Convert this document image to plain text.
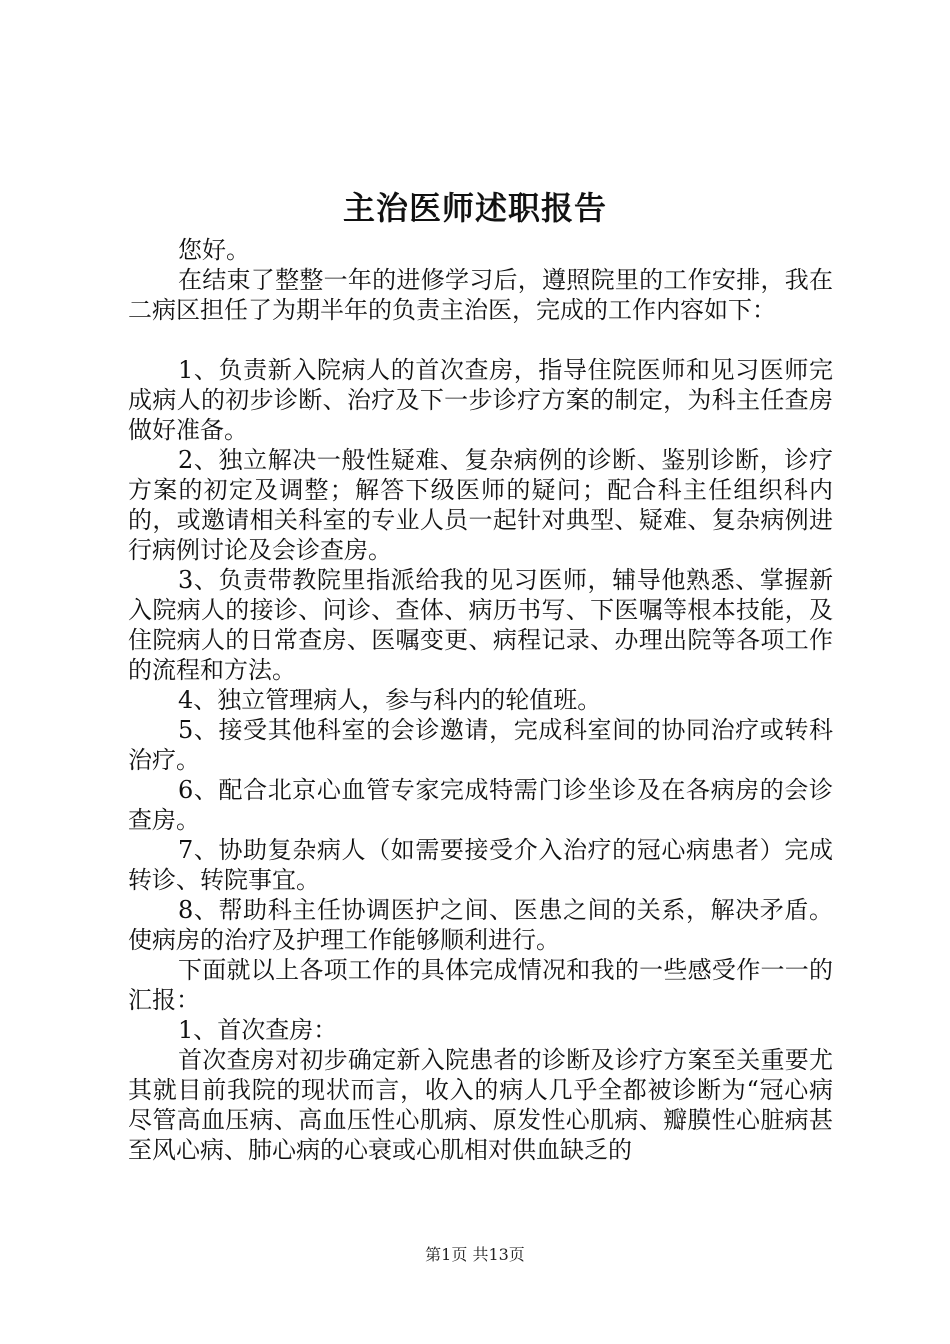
主治医师述职报告

您好。

在结束了整整一年的进修学习后，遵照院里的工作安排，我在二病区担任了为期半年的负责主治医，完成的工作内容如下：

1、负责新入院病人的首次查房，指导住院医师和见习医师完成病人的初步诊断、治疗及下一步诊疗方案的制定，为科主任查房做好准备。

2、独立解决一般性疑难、复杂病例的诊断、鉴别诊断，诊疗方案的初定及调整；解答下级医师的疑问；配合科主任组织科内的，或邀请相关科室的专业人员一起针对典型、疑难、复杂病例进行病例讨论及会诊查房。

3、负责带教院里指派给我的见习医师，辅导他熟悉、掌握新入院病人的接诊、问诊、查体、病历书写、下医嘱等根本技能，及住院病人的日常查房、医嘱变更、病程记录、办理出院等各项工作的流程和方法。

4、独立管理病人，参与科内的轮值班。

5、接受其他科室的会诊邀请，完成科室间的协同治疗或转科治疗。

6、配合北京心血管专家完成特需门诊坐诊及在各病房的会诊查房。

7、协助复杂病人（如需要接受介入治疗的冠心病患者）完成转诊、转院事宜。

8、帮助科主任协调医护之间、医患之间的关系，解决矛盾。使病房的治疗及护理工作能够顺利进行。

下面就以上各项工作的具体完成情况和我的一些感受作一一的汇报：

1、首次查房：

首次查房对初步确定新入院患者的诊断及诊疗方案至关重要尤其就目前我院的现状而言，收入的病人几乎全都被诊断为“冠心病尽管高血压病、高血压性心肌病、原发性心肌病、瓣膜性心脏病甚至风心病、肺心病的心衰或心肌相对供血缺乏的

第1页 共13页
